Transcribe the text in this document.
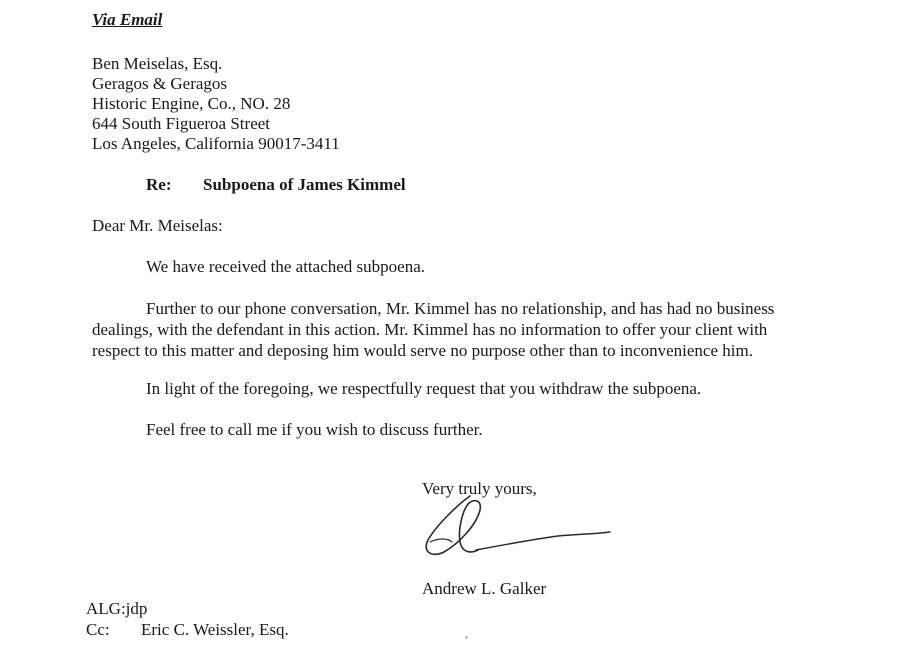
Via Email
Ben Meiselas, Esq.
Geragos & Geragos
Historic Engine, Co., NO. 28
644 South Figueroa Street
Los Angeles, California 90017-3411
Re: Subpoena of James Kimmel
Dear Mr. Meiselas:
We have received the attached subpoena.
Further to our phone conversation, Mr. Kimmel has no relationship, and has had no business
dealings, with the defendant in this action. Mr. Kimmel has no information to offer your client with
respect to this matter and deposing him would serve no purpose other than to inconvenience him.
In light of the foregoing, we respectfully request that you withdraw the subpoena.
Feel free to call me if you wish to discuss further.
Very truly yours,
Andrew L. Galker
ALG:jdp
Cc: Eric C. Weissler, Esq.
